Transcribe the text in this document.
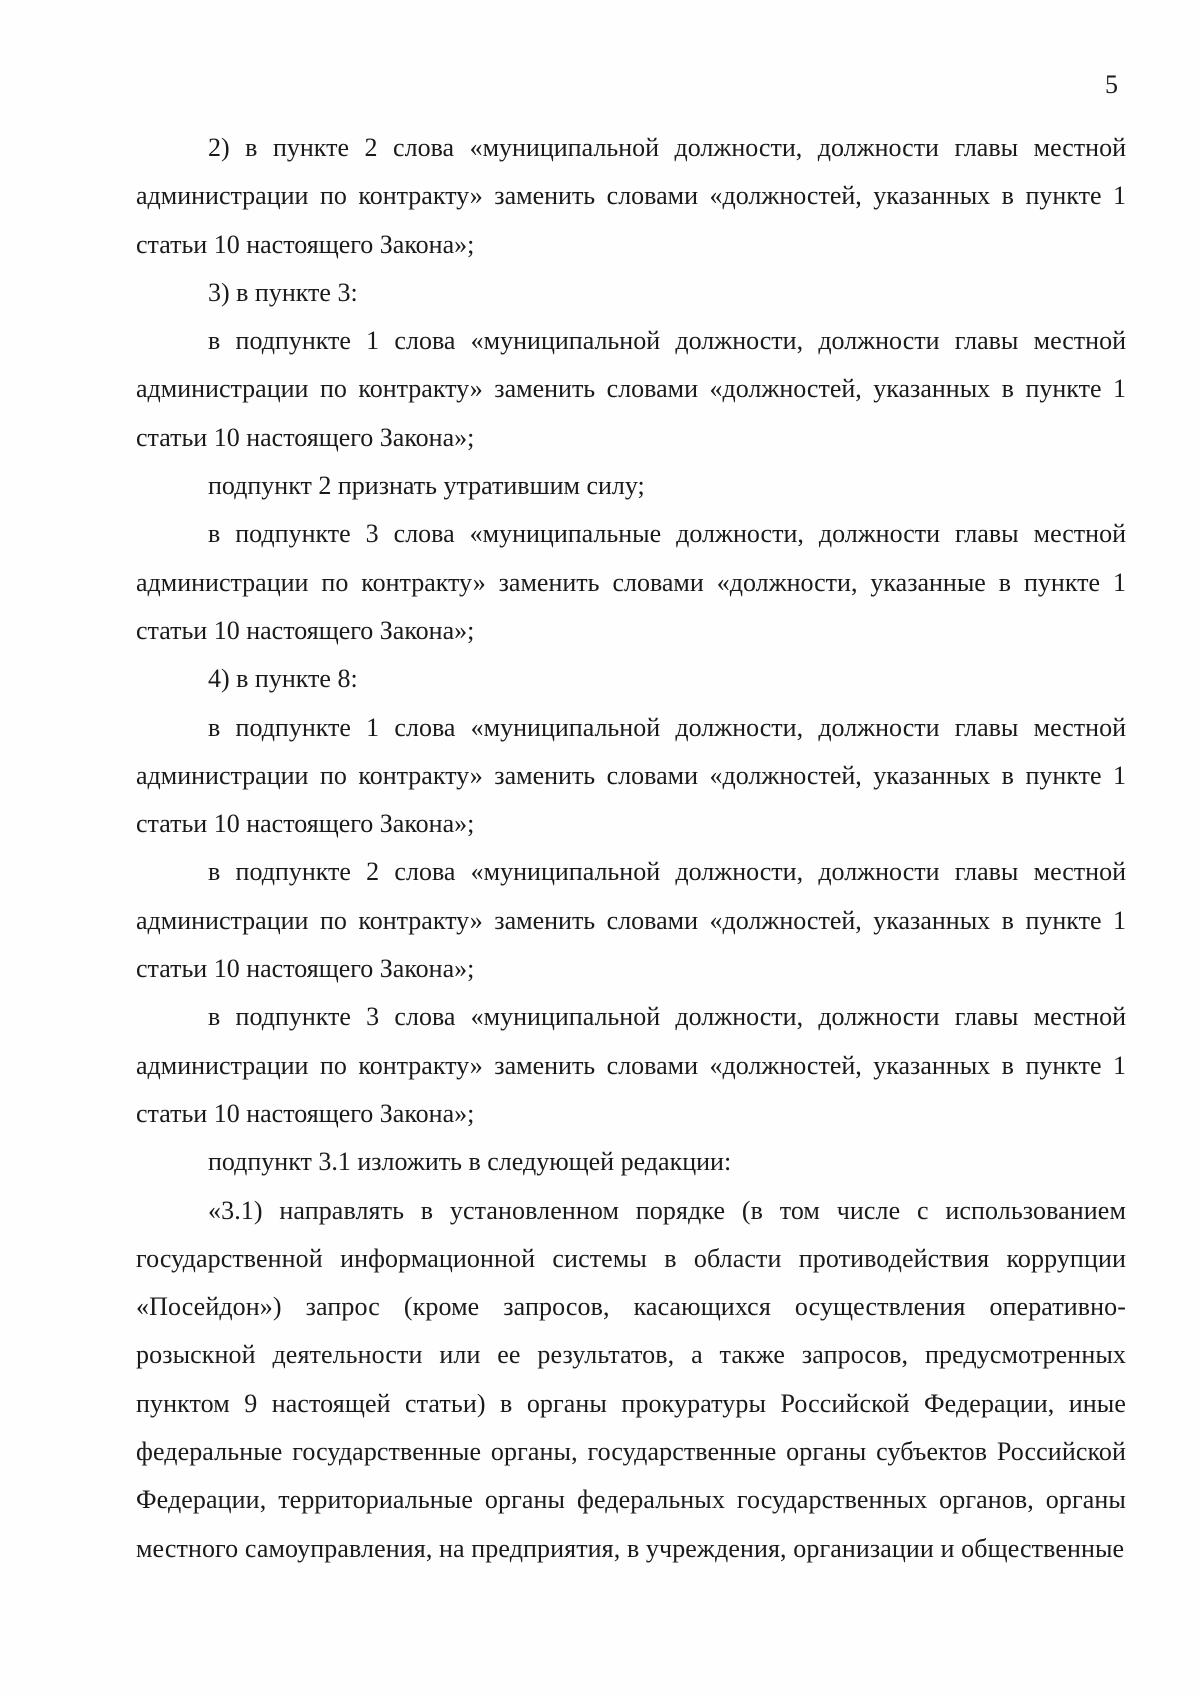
5

2) в пункте 2 слова «муниципальной должности, должности главы местной администрации по контракту» заменить словами «должностей, указанных в пункте 1 статьи 10 настоящего Закона»;

3) в пункте 3:

в подпункте 1 слова «муниципальной должности, должности главы местной администрации по контракту» заменить словами «должностей, указанных в пункте 1 статьи 10 настоящего Закона»;

подпункт 2 признать утратившим силу;

в подпункте 3 слова «муниципальные должности, должности главы местной администрации по контракту» заменить словами «должности, указанные в пункте 1 статьи 10 настоящего Закона»;

4) в пункте 8:

в подпункте 1 слова «муниципальной должности, должности главы местной администрации по контракту» заменить словами «должностей, указанных в пункте 1 статьи 10 настоящего Закона»;

в подпункте 2 слова «муниципальной должности, должности главы местной администрации по контракту» заменить словами «должностей, указанных в пункте 1 статьи 10 настоящего Закона»;

в подпункте 3 слова «муниципальной должности, должности главы местной администрации по контракту» заменить словами «должностей, указанных в пункте 1 статьи 10 настоящего Закона»;

подпункт 3.1 изложить в следующей редакции:

«3.1) направлять в установленном порядке (в том числе с использованием государственной информационной системы в области противодействия коррупции «Посейдон») запрос (кроме запросов, касающихся осуществления оперативно-розыскной деятельности или ее результатов, а также запросов, предусмотренных пунктом 9 настоящей статьи) в органы прокуратуры Российской Федерации, иные федеральные государственные органы, государственные органы субъектов Российской Федерации, территориальные органы федеральных государственных органов, органы местного самоуправления, на предприятия, в учреждения, организации и общественные
